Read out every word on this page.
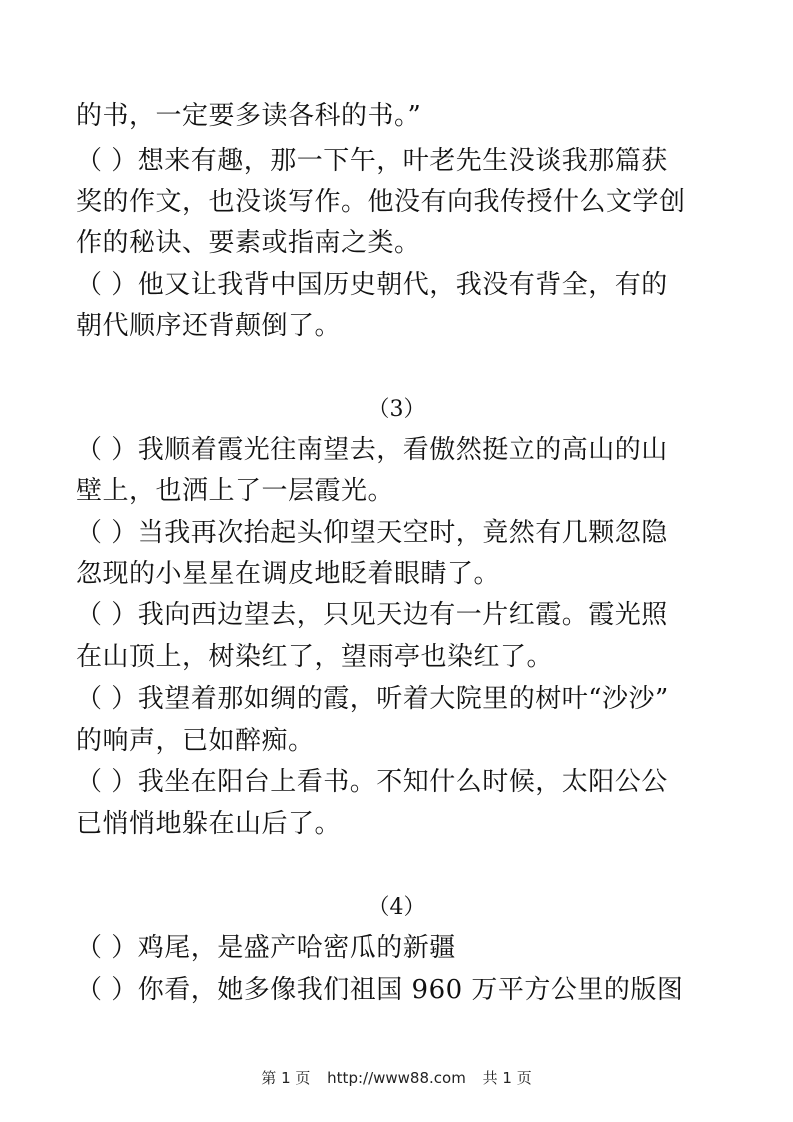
的书，一定要多读各科的书。”

（ ）想来有趣，那一下午，叶老先生没谈我那篇获

奖的作文，也没谈写作。他没有向我传授什么文学创

作的秘诀、要素或指南之类。

（ ）他又让我背中国历史朝代，我没有背全，有的

朝代顺序还背颠倒了。

（3）

（ ）我顺着霞光往南望去，看傲然挺立的高山的山

壁上，也洒上了一层霞光。

（ ）当我再次抬起头仰望天空时，竟然有几颗忽隐

忽现的小星星在调皮地眨着眼睛了。

（ ）我向西边望去，只见天边有一片红霞。霞光照

在山顶上，树染红了，望雨亭也染红了。

（ ）我望着那如绸的霞，听着大院里的树叶“沙沙”

的响声，已如醉痴。

（ ）我坐在阳台上看书。不知什么时候，太阳公公

已悄悄地躲在山后了。

（4）

（ ）鸡尾，是盛产哈密瓜的新疆

（ ）你看，她多像我们祖国 960 万平方公里的版图

第 1 页 http://www88.com 共 1 页
